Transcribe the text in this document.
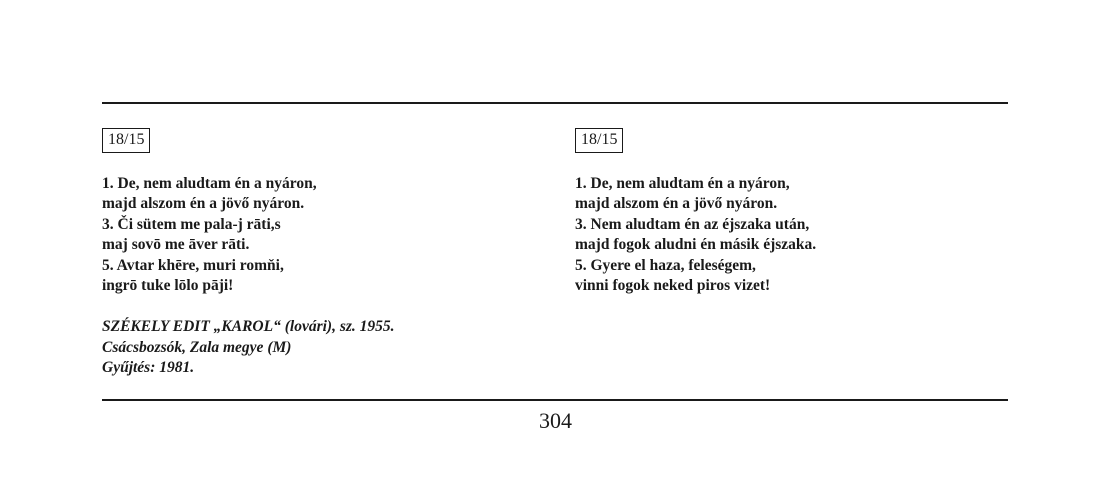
18/15
1. De, nem aludtam én a nyáron,
majd alszom én a jövő nyáron.
3. Či sütem me pala-j rāti,s
maj sovō me āver rāti.
5. Avtar khēre, muri romňi,
ingrō tuke lōlo pāji!
SZÉKELY EDIT „KAROL“ (lovári), sz. 1955.
Csácsbozsók, Zala megye (M)
Gyűjtés: 1981.
18/15
1. De, nem aludtam én a nyáron,
majd alszom én a jövő nyáron.
3. Nem aludtam én az éjszaka után,
majd fogok aludni én másik éjszaka.
5. Gyere el haza, feleségem,
vinni fogok neked piros vizet!
304
